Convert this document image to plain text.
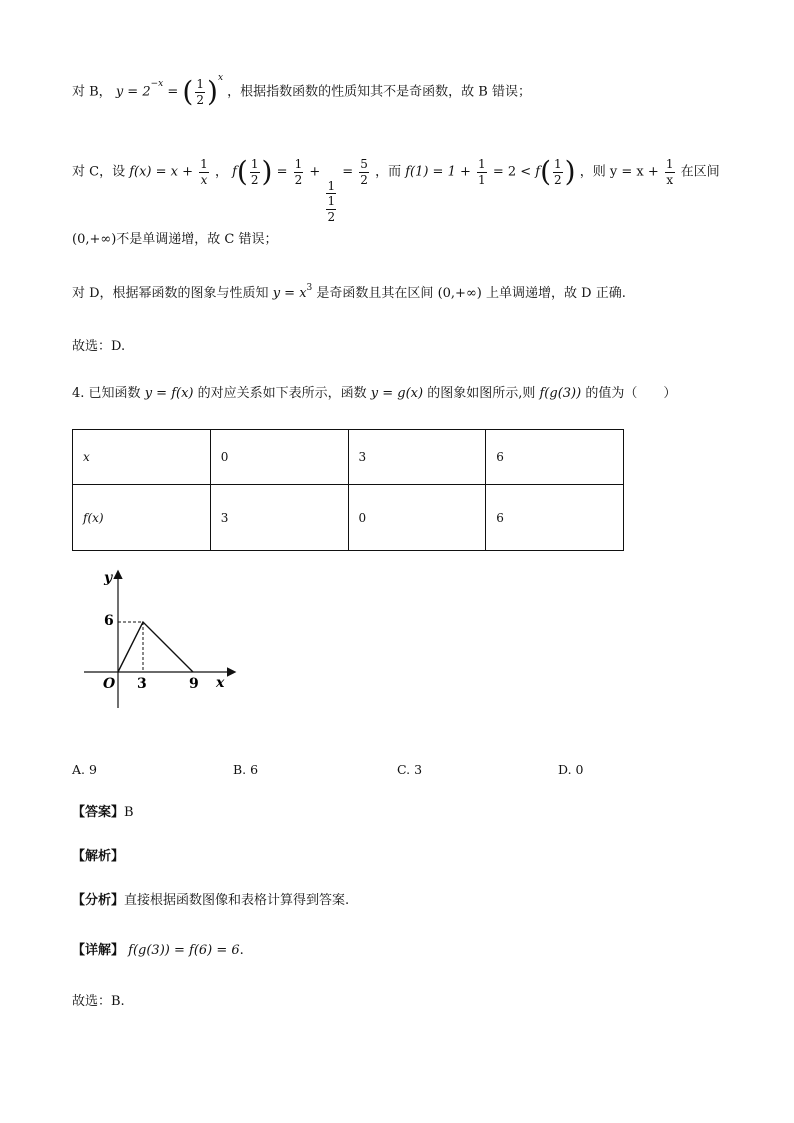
对 B， $y = 2^{-x}$ = ( $\frac{1}{2} )^x$ ，根据指数函数的性质知其不是奇函数，故 B 错误；
对 C，设 $f(x) = x + \frac{1}{x}$ ， $f( \frac{1}{2}$ ) = $\frac{1}{2}$ +
$\frac{1}{\frac{1}{2}}$
= $\frac{5}{2}$ ，而 $f(1) = 1 + \frac{1}{1} = 2 < f( \frac{1}{2}$ ) ，则 $y = x + \frac{1}{x}$ 在区间
(0,+∞)不是单调递增，故 C 错误；
对 D，根据幂函数的图象与性质知 $y = x^3$ 是奇函数且其在区间 (0,+∞) 上单调递增，故 D 正确.
故选：D.
4. 已知函数 y = f(x) 的对应关系如下表所示，函数 y = g(x) 的图象如图所示,则 f(g(3)) 的值为（　　）
x	0	3	6
f(x)	3	0	6
y
x
O
6
3	9
A. 9	B. 6	C. 3	D. 0
【答案】B
【解析】
【分析】直接根据函数图像和表格计算得到答案.
【详解】 f(g(3)) = f(6) = 6.
故选：B.
